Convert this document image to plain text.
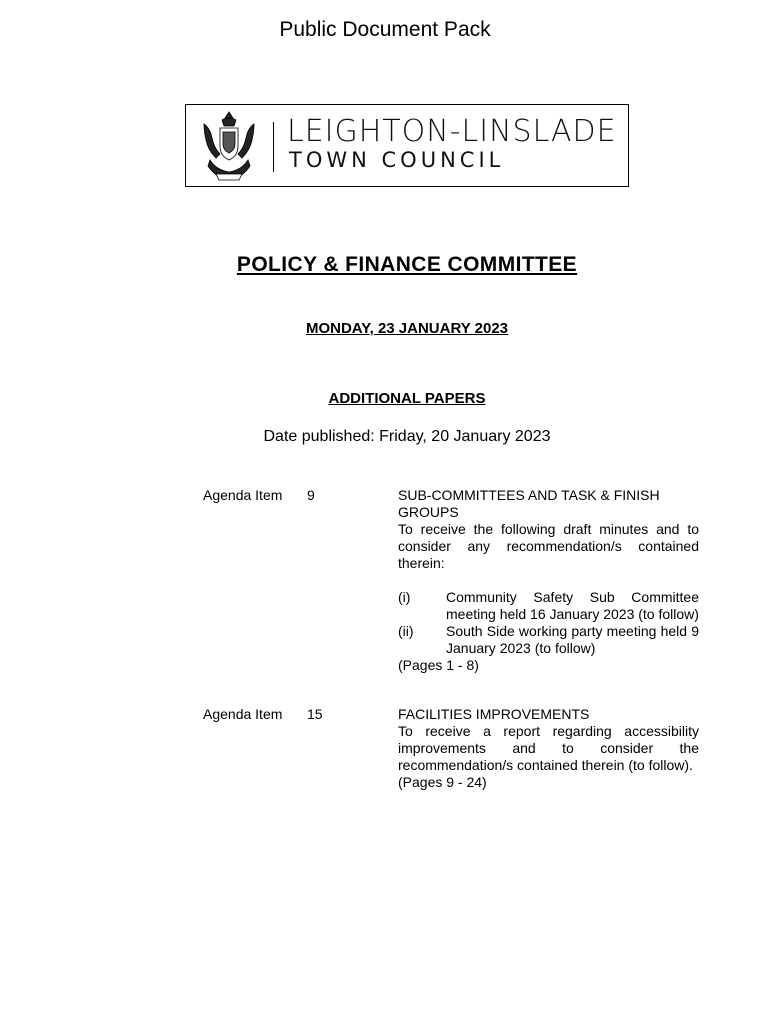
Public Document Pack
LEIGHTON-LINSLADE
TOWN COUNCIL
POLICY & FINANCE COMMITTEE
MONDAY, 23 JANUARY 2023
ADDITIONAL PAPERS
Date published: Friday, 20 January 2023
Agenda Item 9	SUB-COMMITTEES AND TASK & FINISH GROUPS
To receive the following draft minutes and to consider any recommendation/s contained therein:
(i)	Community Safety Sub Committee meeting held 16 January 2023 (to follow)
(ii) South Side working party meeting held 9 January 2023 (to follow)
(Pages 1 - 8)
Agenda Item 15	FACILITIES IMPROVEMENTS
To receive a report regarding accessibility improvements and to consider the recommendation/s contained therein (to follow).
(Pages 9 - 24)
